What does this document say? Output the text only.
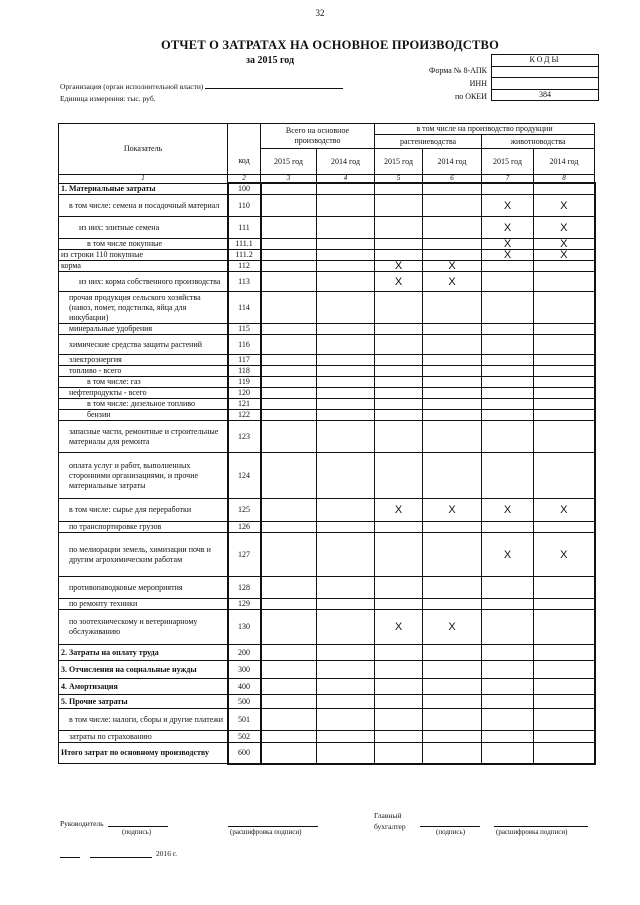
32
ОТЧЕТ О ЗАТРАТАХ НА ОСНОВНОЕ ПРОИЗВОДСТВО
за 2015 год	КОДЫ

384
Форма № 8-АПК
ИНН
по ОКЕИ
Организация (орган исполнительной власти)
Единица измерения: тыс. руб.
Показатель		Всего на основное производство		в том числе на производство продукции			
				растениеводства		животноводства	
	код	2015 год	2014 год	2015 год	2014 год	2015 год	2014 год
1	2	3	4	5	6	7	8
1. Материальные затраты	100						
в том числе: семена и посадочный материал	110					X	X
из них: элитные семена	111					X	X
в том числе покупные	111.1					X	X
из строки 110 покупные	111.2					X	X
корма	112			X	X		
из них: корма собственного производства	113			X	X		
прочая продукция сельского хозяйства (навоз, помет, подстилка, яйца для инкубации)	114						
минеральные удобрения	115						
химические средства защиты растений	116						
электроэнергия	117						
топливо - всего	118						
в том числе: газ	119						
нефтепродукты - всего	120						
в том числе: дизельное топливо	121						
бензин	122						
запасные части, ремонтные и строительные материалы для ремонта	123						
оплата услуг и работ, выполненных сторонними организациями, и прочие материальные затраты	124						
в том числе: сырье для переработки	125			X	X	X	X
по транспортировке грузов	126						
по мелиорации земель, химизации почв и другим агрохимическим работам	127					X	X
противопаводковые мероприятия	128						
по ремонту техники	129						
по зоотехническому и ветеринарному обслуживанию	130			X	X		
2. Затраты на оплату труда	200						
3. Отчисления на социальные нужды	300						
4. Амортизация	400						
5. Прочие затраты	500						
в том числе: налоги, сборы и другие платежи	501						
затраты по страхованию	502						
Итого затрат по основному производству	600						
Руководитель
(подпись)	(расшифровка подписи)
Главный бухгалтер
(подпись)	(расшифровка подписи)
2016 г.
